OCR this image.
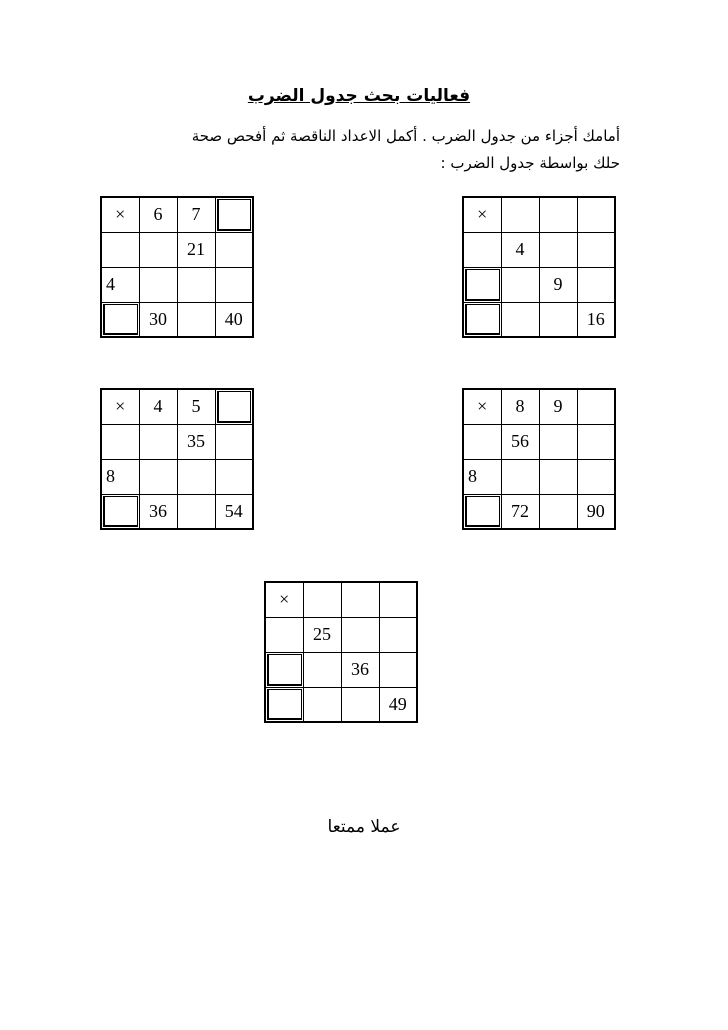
فعاليات بحث جدول الضرب
أمامك أجزاء من جدول الضرب . أكمل الاعداد الناقصة ثم أفحص صحة
حلك بواسطة جدول الضرب :
×	6	7	
		21	
4			
	30		40
×			
	4		
		9	
			16
×	4	5	
		35	
8			
	36		54
×	8	9	
	56		
8			
	72		90
×			
	25		
		36	
			49
عملا ممتعا
